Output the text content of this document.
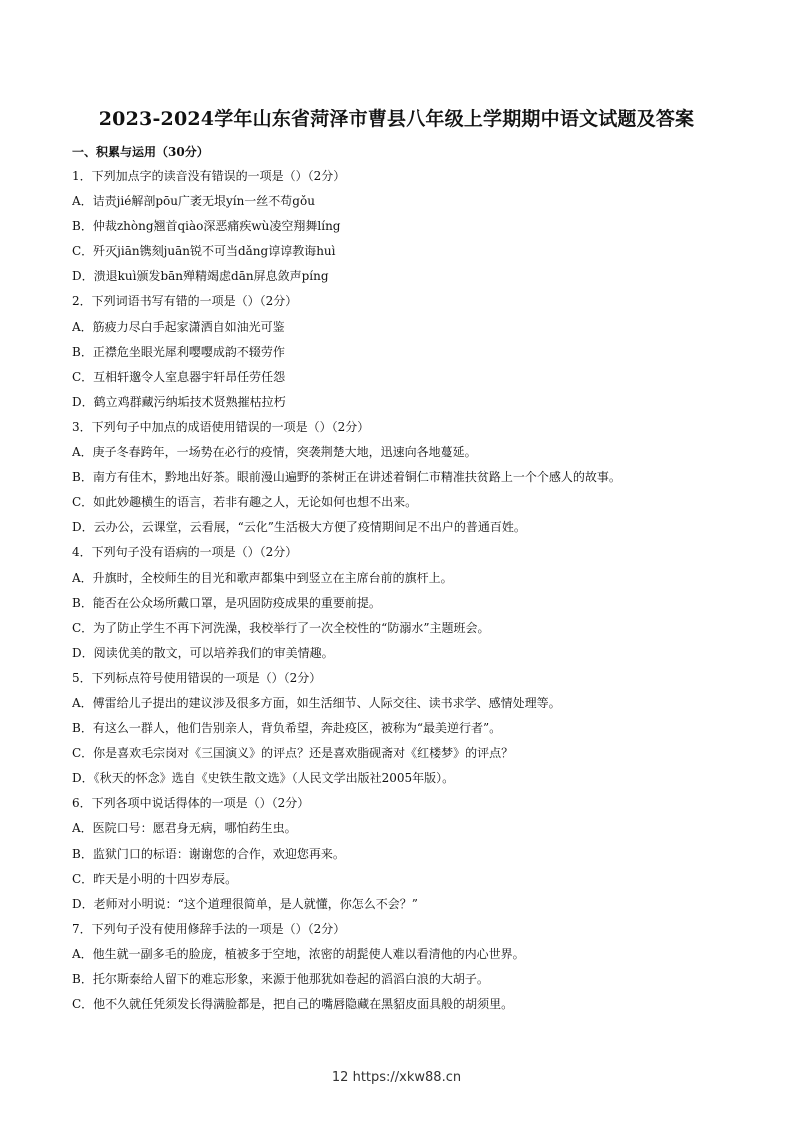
2023-2024学年山东省菏泽市曹县八年级上学期期中语文试题及答案
一、积累与运用（30分）
1．下列加点字的读音没有错误的一项是（）（2分）
A．诘责jié解剖pōu广袤无垠yín一丝不苟gǒu
B．仲裁zhòng翘首qiào深恶痛疾wù凌空翔舞líng
C．歼灭jiān镌刻juān锐不可当dǎng谆谆教诲huì
D．溃退kuì颁发bān殚精竭虑dān屏息敛声píng
2．下列词语书写有错的一项是（）（2分）
A．筋疲力尽白手起家潇洒自如油光可鉴
B．正襟危坐眼光犀利嘤嘤成韵不辍劳作
C．互相轩邈令人室息器宇轩昂任劳任怨
D．鹤立鸡群藏污纳垢技术贤熟摧枯拉朽
3．下列句子中加点的成语使用错误的一项是（）（2分）
A．庚子冬春跨年，一场势在必行的疫情，突袭荆楚大地，迅速向各地蔓延。
B．南方有佳木，黔地出好茶。眼前漫山遍野的茶树正在讲述着铜仁市精准扶贫路上一个个感人的故事。
C．如此妙趣横生的语言，若非有趣之人，无论如何也想不出来。
D．云办公，云课堂，云看展，“云化”生活极大方便了疫情期间足不出户的普通百姓。
4．下列句子没有语病的一项是（）（2分）
A．升旗时，全校师生的目光和歌声都集中到竖立在主席台前的旗杆上。
B．能否在公众场所戴口罩，是巩固防疫成果的重要前提。
C．为了防止学生不再下河洗澡，我校举行了一次全校性的“防溺水”主题班会。
D．阅读优美的散文，可以培养我们的审美情趣。
5．下列标点符号使用错误的一项是（）（2分）
A．傅雷给儿子提出的建议涉及很多方面，如生活细节、人际交往、读书求学、感情处理等。
B．有这么一群人，他们告别亲人，背负希望，奔赴疫区，被称为“最美逆行者”。
C．你是喜欢毛宗岗对《三国演义》的评点？还是喜欢脂砚斋对《红楼梦》的评点？
D．《秋天的怀念》选自《史铁生散文选》（人民文学出版社2005年版）。
6．下列各项中说话得体的一项是（）（2分）
A．医院口号：愿君身无病，哪怕药生虫。
B．监狱门口的标语：谢谢您的合作，欢迎您再来。
C．昨天是小明的十四岁寿辰。
D．老师对小明说：“这个道理很简单，是人就懂，你怎么不会？”
7．下列句子没有使用修辞手法的一项是（）（2分）
A．他生就一副多毛的脸庞，植被多于空地，浓密的胡髭使人难以看清他的内心世界。
B．托尔斯泰给人留下的难忘形象，来源于他那犹如卷起的滔滔白浪的大胡子。
C．他不久就任凭须发长得满脸都是，把自己的嘴唇隐藏在黑貂皮面具般的胡须里。
12 https://xkw88.cn
